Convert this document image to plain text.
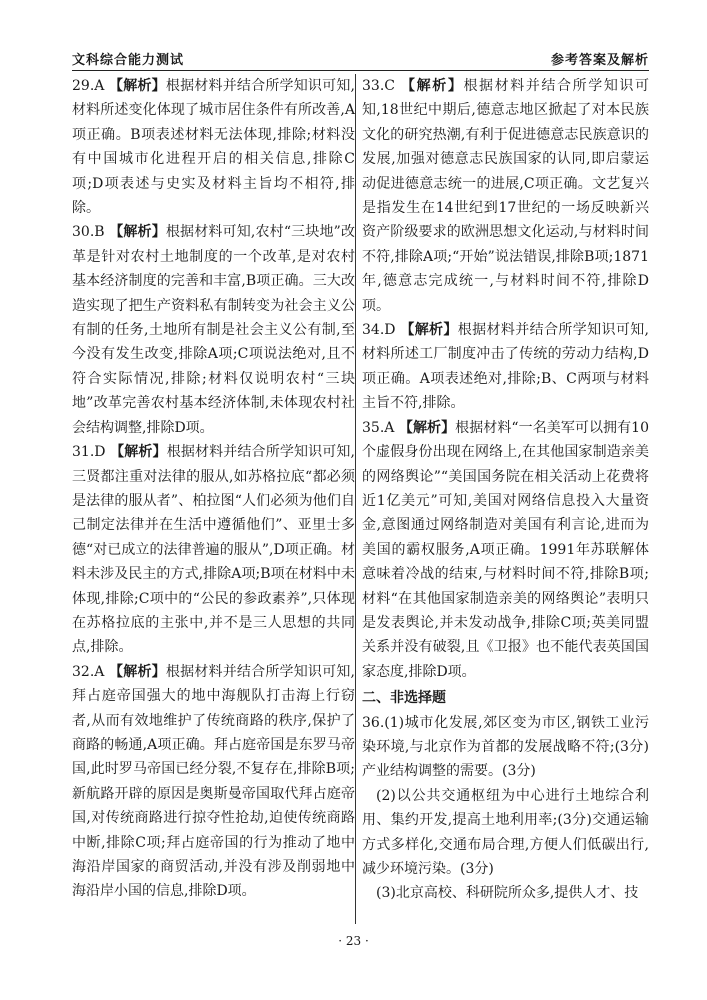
文科综合能力测试	参考答案及解析

29.A 【解析】根据材料并结合所学知识可知,材料所述变化体现了城市居住条件有所改善,A项正确。B项表述材料无法体现,排除;材料没有中国城市化进程开启的相关信息,排除C项;D项表述与史实及材料主旨均不相符,排除。

30.B 【解析】根据材料可知,农村“三块地”改革是针对农村土地制度的一个改革,是对农村基本经济制度的完善和丰富,B项正确。三大改造实现了把生产资料私有制转变为社会主义公有制的任务,土地所有制是社会主义公有制,至今没有发生改变,排除A项;C项说法绝对,且不符合实际情况,排除;材料仅说明农村“三块地”改革完善农村基本经济体制,未体现农村社会结构调整,排除D项。

31.D 【解析】根据材料并结合所学知识可知,三贤都注重对法律的服从,如苏格拉底“都必须是法律的服从者”、柏拉图“人们必须为他们自己制定法律并在生活中遵循他们”、亚里士多德“对已成立的法律普遍的服从”,D项正确。材料未涉及民主的方式,排除A项;B项在材料中未体现,排除;C项中的“公民的参政素养”,只体现在苏格拉底的主张中,并不是三人思想的共同点,排除。

32.A 【解析】根据材料并结合所学知识可知,拜占庭帝国强大的地中海舰队打击海上行窃者,从而有效地维护了传统商路的秩序,保护了商路的畅通,A项正确。拜占庭帝国是东罗马帝国,此时罗马帝国已经分裂,不复存在,排除B项;新航路开辟的原因是奥斯曼帝国取代拜占庭帝国,对传统商路进行掠夺性抢劫,迫使传统商路中断,排除C项;拜占庭帝国的行为推动了地中海沿岸国家的商贸活动,并没有涉及削弱地中海沿岸小国的信息,排除D项。

33.C 【解析】根据材料并结合所学知识可知,18世纪中期后,德意志地区掀起了对本民族文化的研究热潮,有利于促进德意志民族意识的发展,加强对德意志民族国家的认同,即启蒙运动促进德意志统一的进展,C项正确。文艺复兴是指发生在14世纪到17世纪的一场反映新兴资产阶级要求的欧洲思想文化运动,与材料时间不符,排除A项;“开始”说法错误,排除B项;1871年,德意志完成统一,与材料时间不符,排除D项。

34.D 【解析】根据材料并结合所学知识可知,材料所述工厂制度冲击了传统的劳动力结构,D项正确。A项表述绝对,排除;B、C两项与材料主旨不符,排除。

35.A 【解析】根据材料“一名美军可以拥有10个虚假身份出现在网络上,在其他国家制造亲美的网络舆论”“美国国务院在相关活动上花费将近1亿美元”可知,美国对网络信息投入大量资金,意图通过网络制造对美国有利言论,进而为美国的霸权服务,A项正确。1991年苏联解体意味着冷战的结束,与材料时间不符,排除B项;材料“在其他国家制造亲美的网络舆论”表明只是发表舆论,并未发动战争,排除C项;英美同盟关系并没有破裂,且《卫报》也不能代表英国国家态度,排除D项。

二、非选择题

36.(1)城市化发展,郊区变为市区,钢铁工业污染环境,与北京作为首都的发展战略不符;(3分)产业结构调整的需要。(3分)

(2)以公共交通枢纽为中心进行土地综合利用、集约开发,提高土地利用率;(3分)交通运输方式多样化,交通布局合理,方便人们低碳出行,减少环境污染。(3分)

(3)北京高校、科研院所众多,提供人才、技

· 23 ·
